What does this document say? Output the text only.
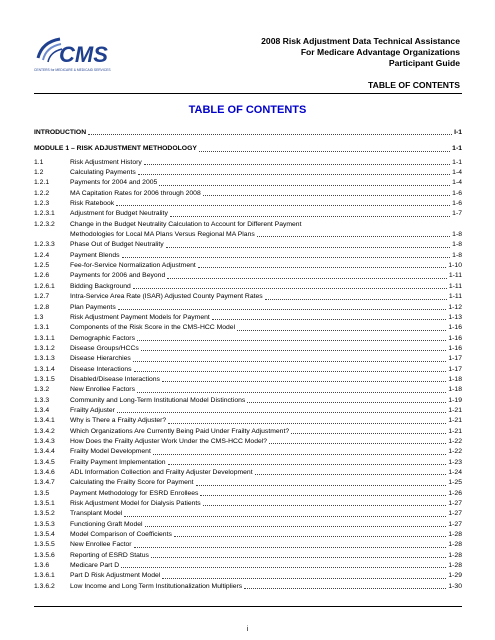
CMS
CENTERS for MEDICARE & MEDICAID SERVICES
2008 Risk Adjustment Data Technical Assistance
For Medicare Advantage Organizations
Participant Guide
TABLE OF CONTENTS
TABLE OF CONTENTS
INTRODUCTION	I-1
MODULE 1 – RISK ADJUSTMENT METHODOLOGY	1-1
1.1	Risk Adjustment History	1-1
1.2	Calculating Payments	1-4
1.2.1	Payments for 2004 and 2005	1-4
1.2.2	MA Capitation Rates for 2006 through 2008	1-6
1.2.3	Risk Ratebook	1-6
1.2.3.1	Adjustment for Budget Neutrality	1-7
1.2.3.2	Change in the Budget Neutrality Calculation to Account for Different Payment
Methodologies for Local MA Plans Versus Regional MA Plans	1-8
1.2.3.3	Phase Out of Budget Neutrality	1-8
1.2.4	Payment Blends	1-8
1.2.5	Fee-for-Service Normalization Adjustment	1-10
1.2.6	Payments for 2006 and Beyond	1-11
1.2.6.1	Bidding Background	1-11
1.2.7	Intra-Service Area Rate (ISAR) Adjusted County Payment Rates	1-11
1.2.8	Plan Payments	1-12
1.3	Risk Adjustment Payment Models for Payment	1-13
1.3.1	Components of the Risk Score in the CMS-HCC Model	1-16
1.3.1.1	Demographic Factors	1-16
1.3.1.2	Disease Groups/HCCs	1-16
1.3.1.3	Disease Hierarchies	1-17
1.3.1.4	Disease Interactions	1-17
1.3.1.5	Disabled/Disease Interactions	1-18
1.3.2	New Enrollee Factors	1-18
1.3.3	Community and Long-Term Institutional Model Distinctions	1-19
1.3.4	Frailty Adjuster	1-21
1.3.4.1	Why is There a Frailty Adjuster?	1-21
1.3.4.2	Which Organizations Are Currently Being Paid Under Frailty Adjustment?	1-21
1.3.4.3	How Does the Frailty Adjuster Work Under the CMS-HCC Model?	1-22
1.3.4.4	Frailty Model Development	1-22
1.3.4.5	Frailty Payment Implementation	1-23
1.3.4.6	ADL Information Collection and Frailty Adjuster Development	1-24
1.3.4.7	Calculating the Frailty Score for Payment	1-25
1.3.5	Payment Methodology for ESRD Enrollees	1-26
1.3.5.1	Risk Adjustment Model for Dialysis Patients	1-27
1.3.5.2	Transplant Model	1-27
1.3.5.3	Functioning Graft Model	1-27
1.3.5.4	Model Comparison of Coefficients	1-28
1.3.5.5	New Enrollee Factor	1-28
1.3.5.6	Reporting of ESRD Status	1-28
1.3.6	Medicare Part D	1-28
1.3.6.1	Part D Risk Adjustment Model	1-29
1.3.6.2	Low Income and Long Term Institutionalization Multipliers	1-30
i
